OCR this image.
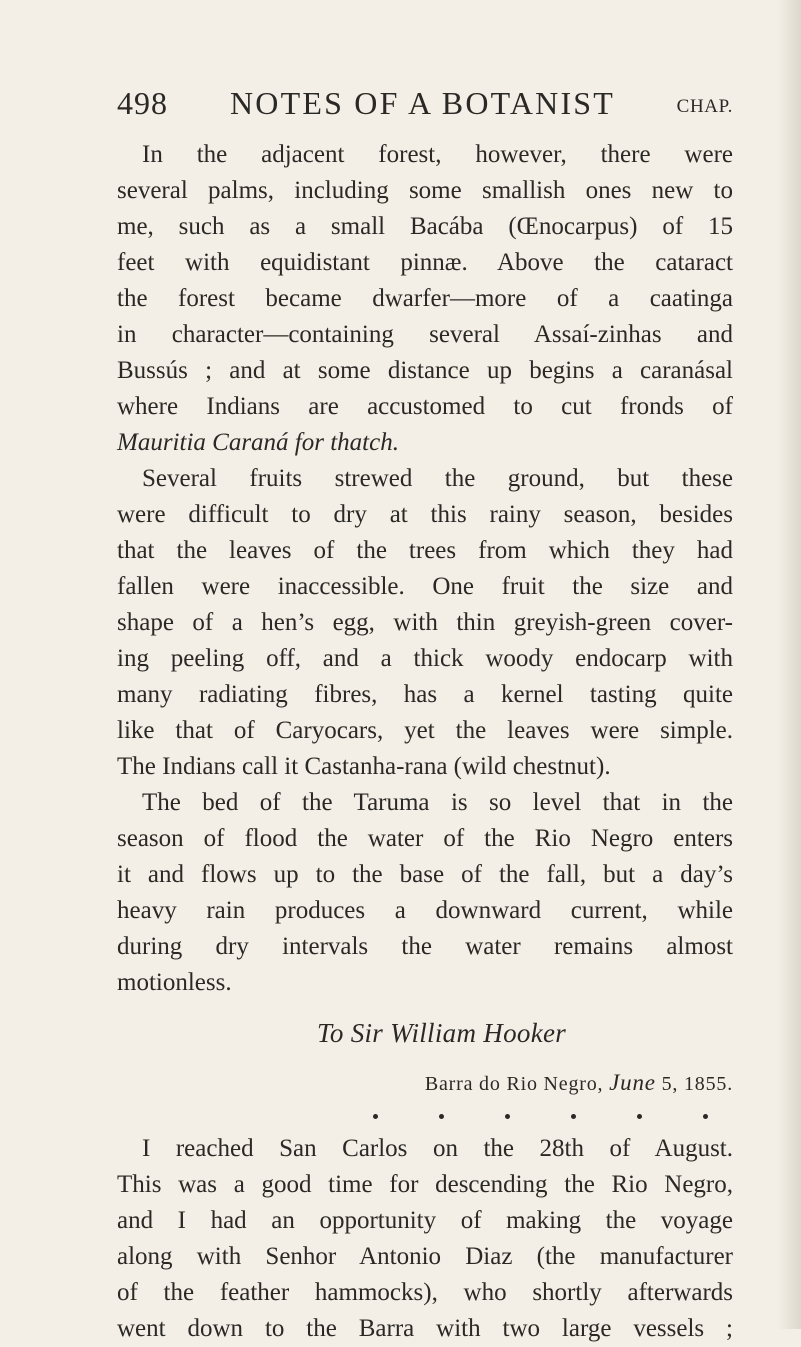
498 NOTES OF A BOTANIST	CHAP.
In the adjacent forest, however, there were
several palms, including some smallish ones new to
me, such as a small Bacába (Œnocarpus) of 15
feet with equidistant pinnæ. Above the cataract
the forest became dwarfer—more of a caatinga
in character—containing several Assaí-zinhas and
Bussús ; and at some distance up begins a caranásal
where Indians are accustomed to cut fronds of
Mauritia Caraná for thatch.
Several fruits strewed the ground, but these
were difficult to dry at this rainy season, besides
that the leaves of the trees from which they had
fallen were inaccessible. One fruit the size and
shape of a hen’s egg, with thin greyish-green cover-
ing peeling off, and a thick woody endocarp with
many radiating fibres, has a kernel tasting quite
like that of Caryocars, yet the leaves were simple.
The Indians call it Castanha-rana (wild chestnut).
The bed of the Taruma is so level that in the
season of flood the water of the Rio Negro enters
it and flows up to the base of the fall, but a day’s
heavy rain produces a downward current, while
during dry intervals the water remains almost
motionless.
To Sir William Hooker
Barra do Rio Negro, June 5, 1855.
I reached San Carlos on the 28th of August.
This was a good time for descending the Rio Negro,
and I had an opportunity of making the voyage
along with Senhor Antonio Diaz (the manufacturer
of the feather hammocks), who shortly afterwards
went down to the Barra with two large vessels ;
